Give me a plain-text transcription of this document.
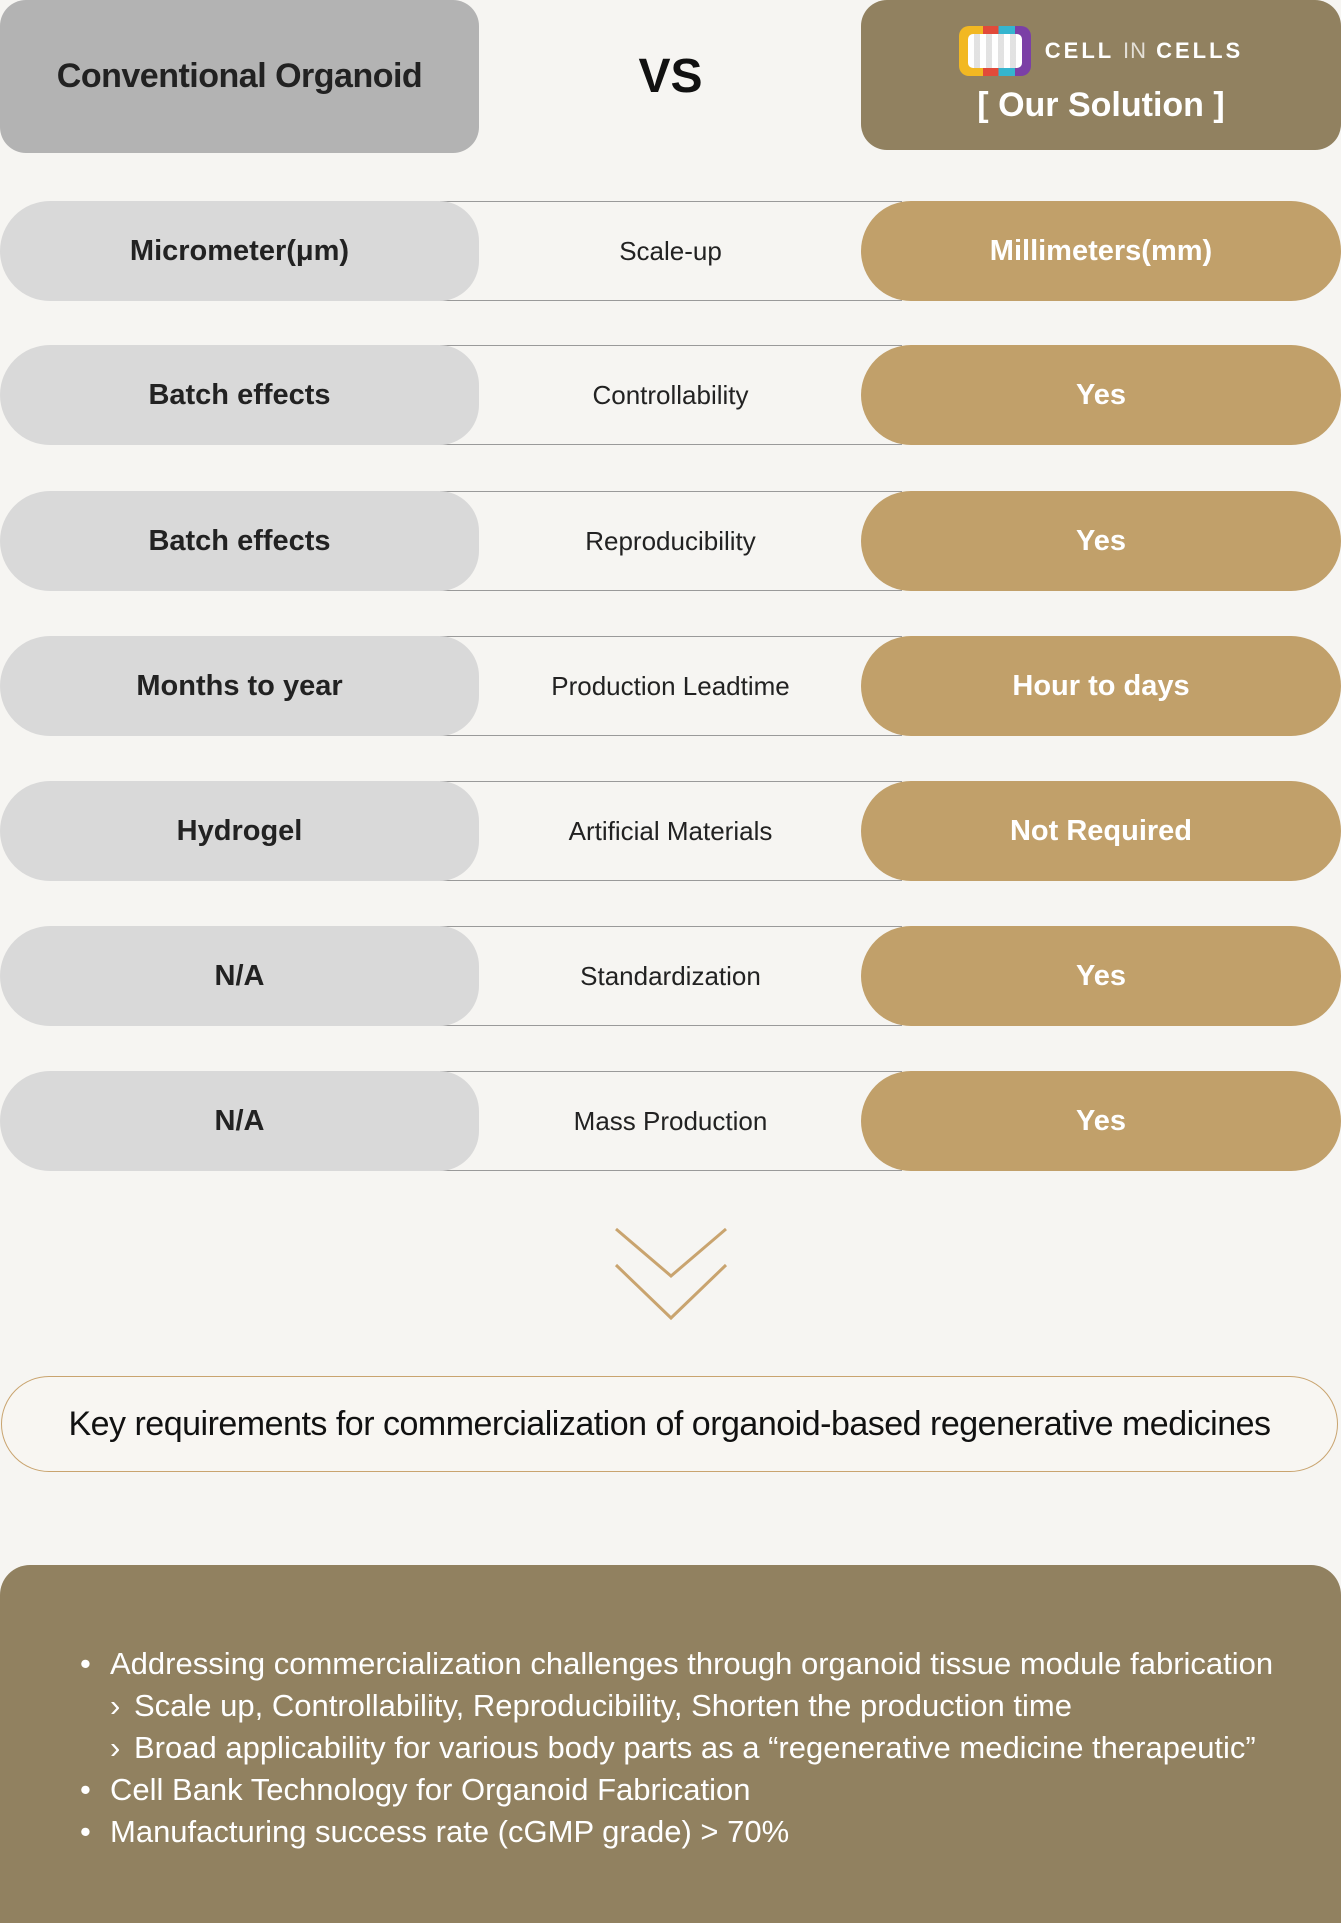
Conventional Organoid	VS	CELL IN CELLS
[ Our Solution ]
Micrometer(μm)	Scale-up	Millimeters(mm)
Batch effects	Controllability	Yes
Batch effects	Reproducibility	Yes
Months to year	Production Leadtime	Hour to days
Hydrogel	Artificial Materials	Not Required
N/A	Standardization	Yes
N/A	Mass Production	Yes
Key requirements for commercialization of organoid-based regenerative medicines
• Addressing commercialization challenges through organoid tissue module fabrication
› Scale up, Controllability, Reproducibility, Shorten the production time
› Broad applicability for various body parts as a “regenerative medicine therapeutic”
• Cell Bank Technology for Organoid Fabrication
• Manufacturing success rate (cGMP grade) > 70%
